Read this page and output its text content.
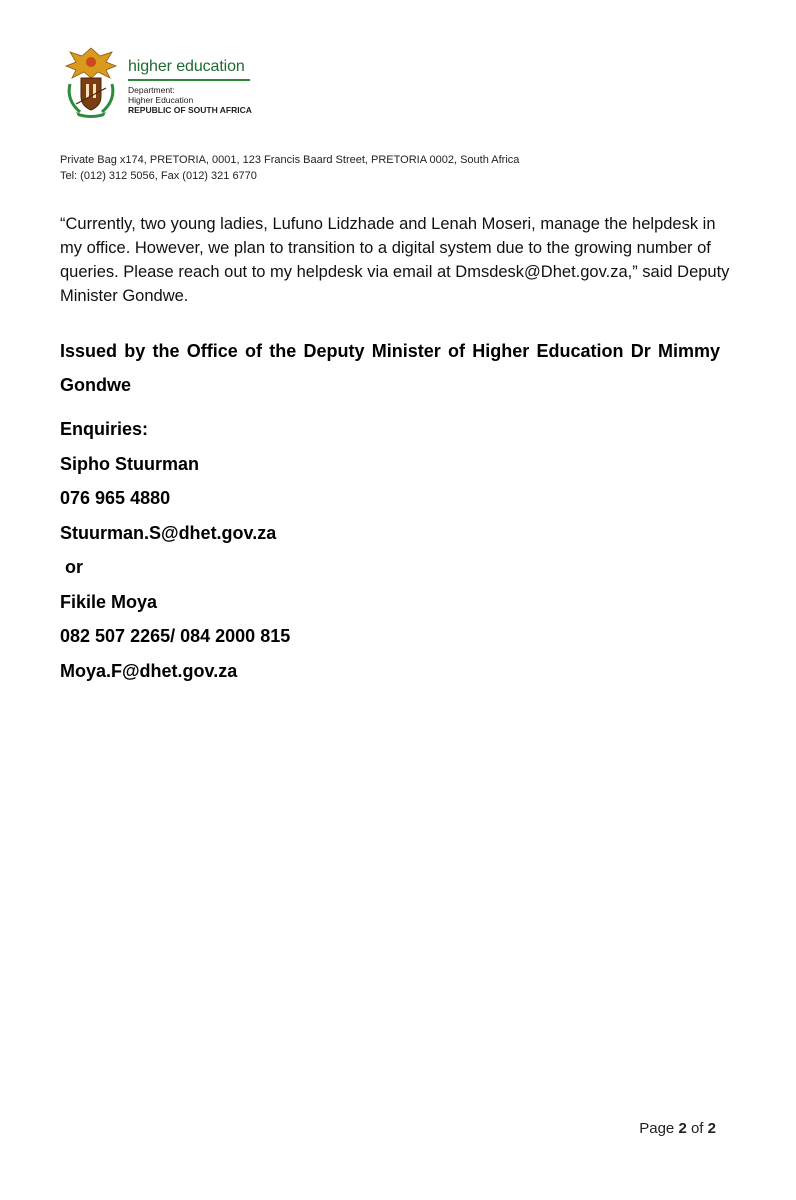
higher education
Department:
Higher Education
REPUBLIC OF SOUTH AFRICA
Private Bag x174, PRETORIA, 0001, 123 Francis Baard Street, PRETORIA 0002, South Africa
Tel: (012) 312 5056, Fax (012) 321 6770
“Currently, two young ladies, Lufuno Lidzhade and Lenah Moseri, manage the helpdesk in my office. However, we plan to transition to a digital system due to the growing number of queries. Please reach out to my helpdesk via email at Dmsdesk@Dhet.gov.za,” said Deputy Minister Gondwe.
Issued by the Office of the Deputy Minister of Higher Education Dr Mimmy Gondwe
Enquiries:
Sipho Stuurman
076 965 4880
Stuurman.S@dhet.gov.za
or
Fikile Moya
082 507 2265/ 084 2000 815
Moya.F@dhet.gov.za
Page 2 of 2
